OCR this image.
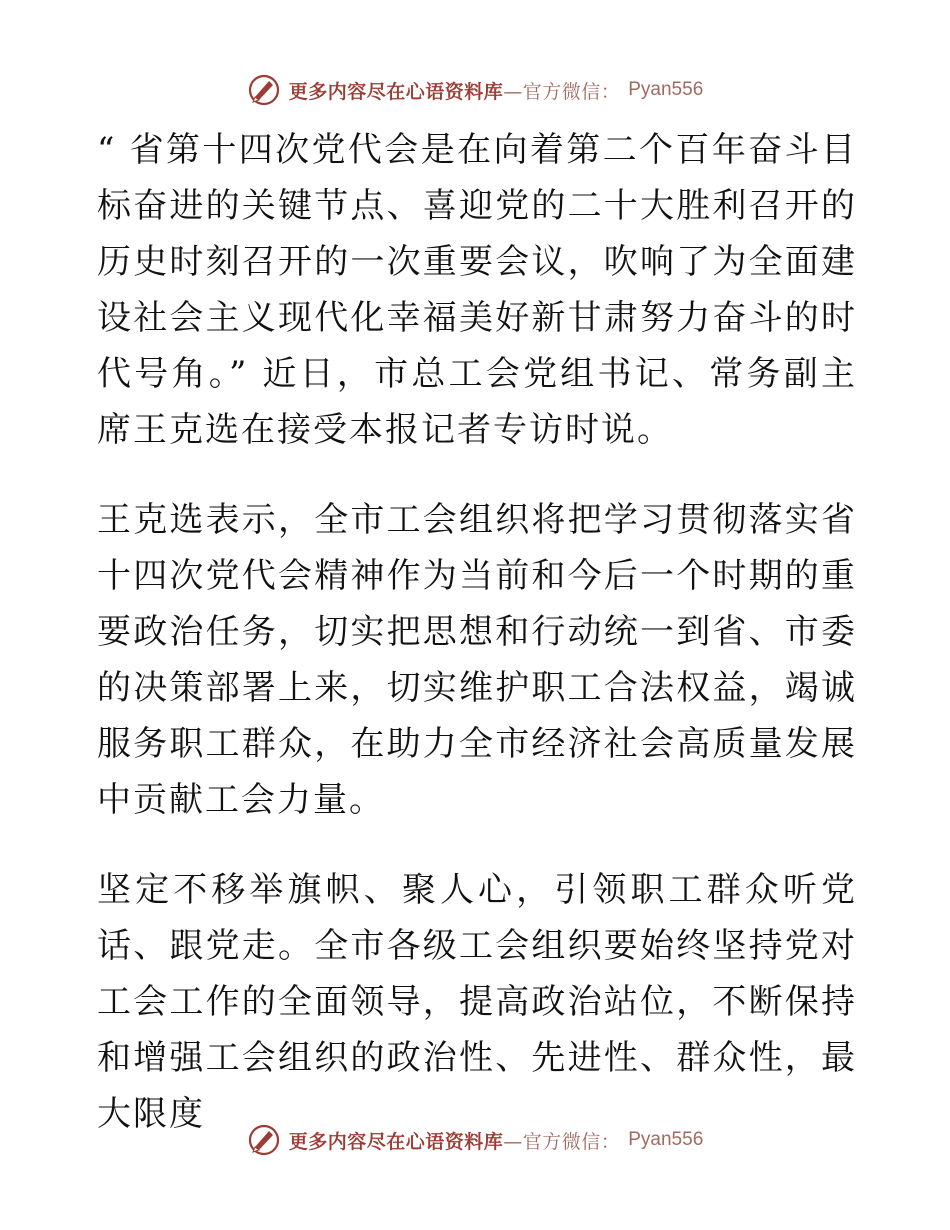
更多内容尽在心语资料库—官方微信： Pyan556

“ 省第十四次党代会是在向着第二个百年奋斗目标奋进的关键节点、喜迎党的二十大胜利召开的历史时刻召开的一次重要会议，吹响了为全面建设社会主义现代化幸福美好新甘肃努力奋斗的时代号角。” 近日，市总工会党组书记、常务副主席王克选在接受本报记者专访时说。

王克选表示，全市工会组织将把学习贯彻落实省十四次党代会精神作为当前和今后一个时期的重要政治任务，切实把思想和行动统一到省、市委的决策部署上来，切实维护职工合法权益，竭诚服务职工群众，在助力全市经济社会高质量发展中贡献工会力量。

坚定不移举旗帜、聚人心，引领职工群众听党话、跟党走。全市各级工会组织要始终坚持党对工会工作的全面领导，提高政治站位，不断保持和增强工会组织的政治性、先进性、群众性，最大限度

更多内容尽在心语资料库—官方微信： Pyan556
